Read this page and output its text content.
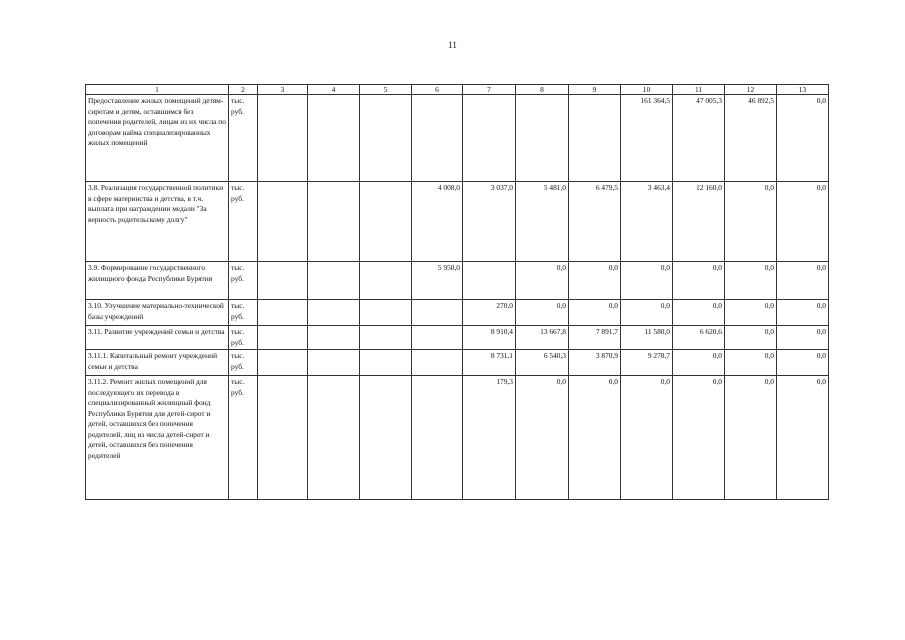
11
1	2	3	4	5	6	7	8	9	10	11	12	13
Предоставление жилых помещений детям-сиротам и детям, оставшимся без попечения родителей, лицам из их числа по договорам найма специализированных жилых помещений	тыс. руб.								161 364,5	47 005,3	46 892,5	0,0
3.8. Реализация государственной политики в сфере материнства и детства, в т.ч. выплата при награждении медали "За верность родительскому долгу"	тыс. руб.				4 008,0	3 037,0	5 481,0	6 479,5	3 463,4	12 160,0	0,0	0,0
3.9. Формирование государственного жилищного фонда Республики Бурятия	тыс. руб.				5 950,0		0,0	0,0	0,0	0,0	0,0	0,0
3.10. Улучшение материально-технической базы учреждений	тыс. руб.					270,0	0,0	0,0	0,0	0,0	0,0	0,0
3.11. Развитие учреждений семьи и детства	тыс. руб.					8 910,4	13 667,8	7 891,7	11 580,0	6 620,6	0,0	0,0
3.11.1. Капитальный ремонт учреждений семьи и детства	тыс. руб.					8 731,1	6 540,3	3 870,9	9 278,7	0,0	0,0	0,0
3.11.2. Ремонт жилых помещений для последующего их перевода в специализированный жилищный фонд Республики Бурятия для детей-сирот и детей, оставшихся без попечения родителей, лиц из числа детей-сирот и детей, оставшихся без попечения родителей	тыс. руб.					179,3	0,0	0,0	0,0	0,0	0,0	0,0
